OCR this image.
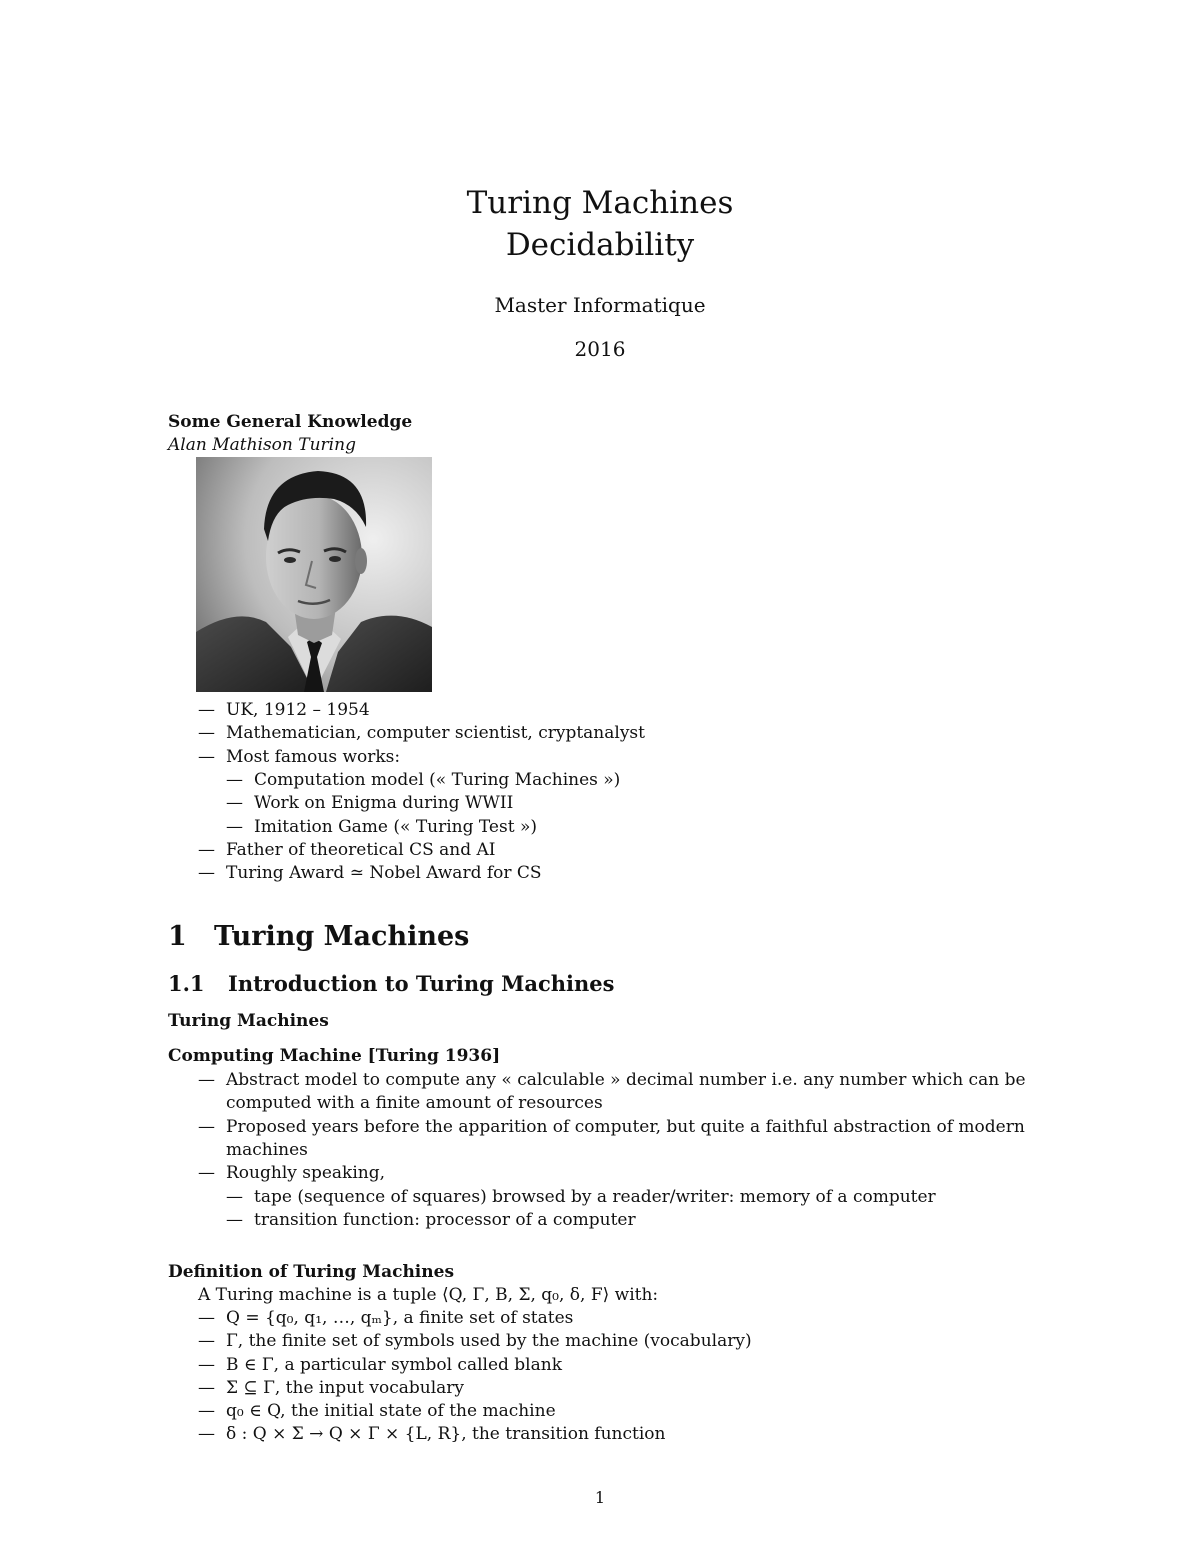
Turing Machines
Decidability
Master Informatique
2016
Some General Knowledge
Alan Mathison Turing
— UK, 1912 – 1954
— Mathematician, computer scientist, cryptanalyst
— Most famous works:
— Computation model (« Turing Machines »)
— Work on Enigma during WWII
— Imitation Game (« Turing Test »)
— Father of theoretical CS and AI
— Turing Award ≃ Nobel Award for CS
1 Turing Machines
1.1 Introduction to Turing Machines
Turing Machines
Computing Machine [Turing 1936]
— Abstract model to compute any « calculable » decimal number i.e. any number which can be computed with a finite amount of resources
— Proposed years before the apparition of computer, but quite a faithful abstraction of modern machines
— Roughly speaking,
— tape (sequence of squares) browsed by a reader/writer: memory of a computer
— transition function: processor of a computer
Definition of Turing Machines
A Turing machine is a tuple ⟨Q, Γ, B, Σ, q₀, δ, F⟩ with:
— Q = {q₀, q₁, …, qₘ}, a finite set of states
— Γ, the finite set of symbols used by the machine (vocabulary)
— B ∈ Γ, a particular symbol called blank
— Σ ⊆ Γ, the input vocabulary
— q₀ ∈ Q, the initial state of the machine
— δ : Q × Σ → Q × Γ × {L, R}, the transition function
1
